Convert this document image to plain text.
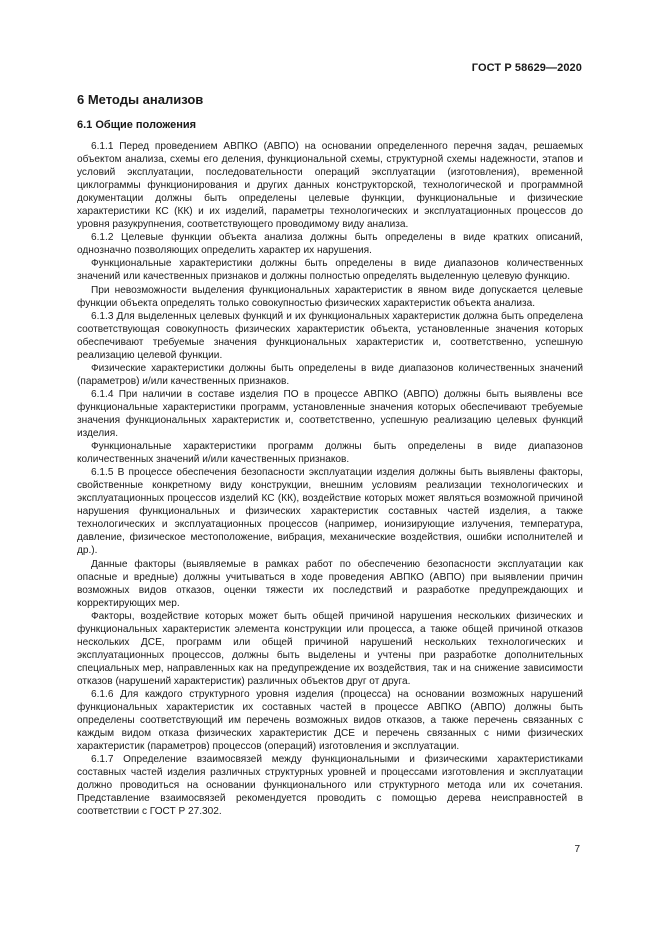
ГОСТ Р 58629—2020
6 Методы анализов
6.1 Общие положения

6.1.1 Перед проведением АВПКО (АВПО) на основании определенного перечня задач, решаемых объектом анализа, схемы его деления, функциональной схемы, структурной схемы надежности, этапов и условий эксплуатации, последовательности операций эксплуатации (изготовления), временной циклограммы функционирования и других данных конструкторской, технологической и программной документации должны быть определены целевые функции, функциональные и физические характеристики КС (КК) и их изделий, параметры технологических и эксплуатационных процессов до уровня разукрупнения, соответствующего проводимому виду анализа.

6.1.2 Целевые функции объекта анализа должны быть определены в виде кратких описаний, однозначно позволяющих определить характер их нарушения.

Функциональные характеристики должны быть определены в виде диапазонов количественных значений или качественных признаков и должны полностью определять выделенную целевую функцию.

При невозможности выделения функциональных характеристик в явном виде допускается целевые функции объекта определять только совокупностью физических характеристик объекта анализа.

6.1.3 Для выделенных целевых функций и их функциональных характеристик должна быть определена соответствующая совокупность физических характеристик объекта, установленные значения которых обеспечивают требуемые значения функциональных характеристик и, соответственно, успешную реализацию целевой функции.

Физические характеристики должны быть определены в виде диапазонов количественных значений (параметров) и/или качественных признаков.

6.1.4 При наличии в составе изделия ПО в процессе АВПКО (АВПО) должны быть выявлены все функциональные характеристики программ, установленные значения которых обеспечивают требуемые значения функциональных характеристик и, соответственно, успешную реализацию целевых функций изделия.

Функциональные характеристики программ должны быть определены в виде диапазонов количественных значений и/или качественных признаков.

6.1.5 В процессе обеспечения безопасности эксплуатации изделия должны быть выявлены факторы, свойственные конкретному виду конструкции, внешним условиям реализации технологических и эксплуатационных процессов изделий КС (КК), воздействие которых может являться возможной причиной нарушения функциональных и физических характеристик составных частей изделия, а также технологических и эксплуатационных процессов (например, ионизирующие излучения, температура, давление, физическое местоположение, вибрация, механические воздействия, ошибки исполнителей и др.).

Данные факторы (выявляемые в рамках работ по обеспечению безопасности эксплуатации как опасные и вредные) должны учитываться в ходе проведения АВПКО (АВПО) при выявлении причин возможных видов отказов, оценки тяжести их последствий и разработке предупреждающих и корректирующих мер.

Факторы, воздействие которых может быть общей причиной нарушения нескольких физических и функциональных характеристик элемента конструкции или процесса, а также общей причиной отказов нескольких ДСЕ, программ или общей причиной нарушений нескольких технологических и эксплуатационных процессов, должны быть выделены и учтены при разработке дополнительных специальных мер, направленных как на предупреждение их воздействия, так и на снижение зависимости отказов (нарушений характеристик) различных объектов друг от друга.

6.1.6 Для каждого структурного уровня изделия (процесса) на основании возможных нарушений функциональных характеристик их составных частей в процессе АВПКО (АВПО) должны быть определены соответствующий им перечень возможных видов отказов, а также перечень связанных с каждым видом отказа физических характеристик ДСЕ и перечень связанных с ними физических характеристик (параметров) процессов (операций) изготовления и эксплуатации.

6.1.7 Определение взаимосвязей между функциональными и физическими характеристиками составных частей изделия различных структурных уровней и процессами изготовления и эксплуатации должно проводиться на основании функционального или структурного метода или их сочетания. Представление взаимосвязей рекомендуется проводить с помощью дерева неисправностей в соответствии с ГОСТ Р 27.302.

7
